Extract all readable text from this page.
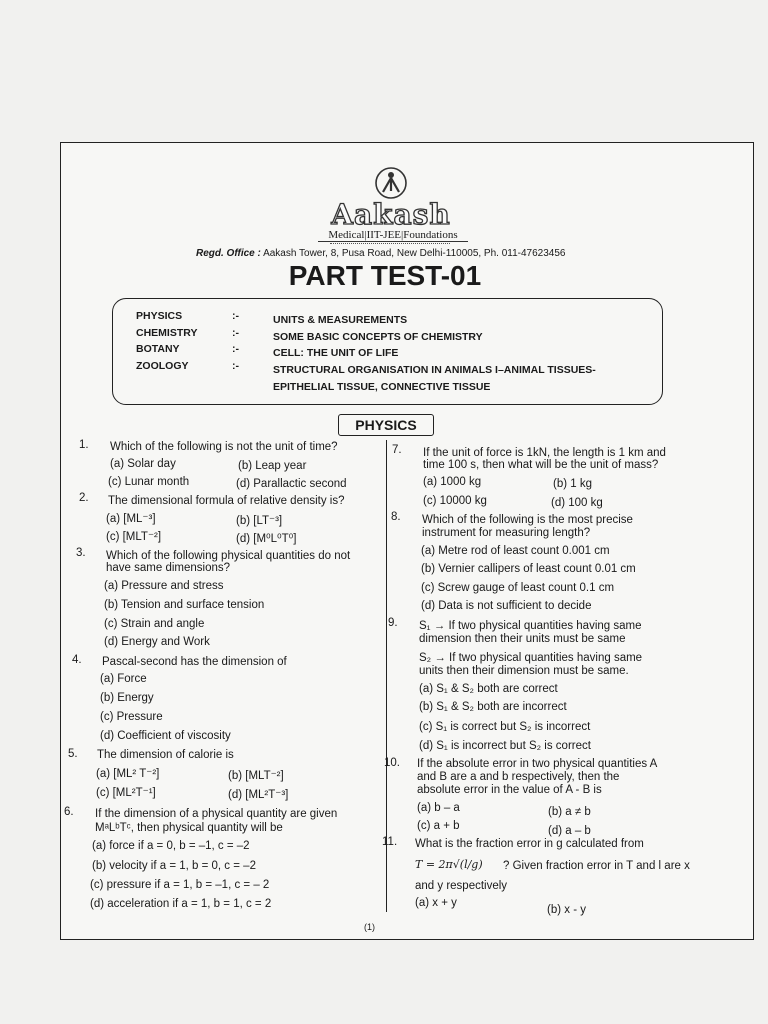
Aakash
Medical|IIT-JEE|Foundations
Regd. Office : Aakash Tower, 8, Pusa Road, New Delhi-110005, Ph. 011-47623456
PART TEST-01
PHYSICS	:-	UNITS & MEASUREMENTS
CHEMISTRY	:-	SOME BASIC CONCEPTS OF CHEMISTRY
BOTANY	:-	CELL: THE UNIT OF LIFE
ZOOLOGY	:-	STRUCTURAL ORGANISATION IN ANIMALS I–ANIMAL TISSUES-
EPITHELIAL TISSUE, CONNECTIVE TISSUE
PHYSICS
1. Which of the following is not the unit of time?
(a) Solar day	(b) Leap year
(c) Lunar month	(d) Parallactic second
2. The dimensional formula of relative density is?
(a) [ML⁻³]	(b) [LT⁻³]
(c) [MLT⁻²]	(d) [M⁰L⁰T⁰]
3. Which of the following physical quantities do not
have same dimensions?
(a) Pressure and stress
(b) Tension and surface tension
(c) Strain and angle
(d) Energy and Work
4. Pascal-second has the dimension of
(a) Force
(b) Energy
(c) Pressure
(d) Coefficient of viscosity
5. The dimension of calorie is
(a) [ML² T⁻²]	(b) [MLT⁻²]
(c) [ML²T⁻¹]	(d) [ML²T⁻³]
6. If the dimension of a physical quantity are given
MᵃLᵇTᶜ, then physical quantity will be
(a) force if a = 0, b = –1, c = –2
(b) velocity if a = 1, b = 0, c = –2
(c) pressure if a = 1, b = –1, c = – 2
(d) acceleration if a = 1, b = 1, c = 2
7. If the unit of force is 1kN, the length is 1 km and
time 100 s, then what will be the unit of mass?
(a) 1000 kg	(b) 1 kg
(c) 10000 kg	(d) 100 kg
8. Which of the following is the most precise
instrument for measuring length?
(a) Metre rod of least count 0.001 cm
(b) Vernier callipers of least count 0.01 cm
(c) Screw gauge of least count 0.1 cm
(d) Data is not sufficient to decide
9. S₁ → If two physical quantities having same
dimension then their units must be same
S₂ → If two physical quantities having same
units then their dimension must be same.
(a) S₁ & S₂ both are correct
(b) S₁ & S₂ both are incorrect
(c) S₁ is correct but S₂ is incorrect
(d) S₁ is incorrect but S₂ is correct
10. If the absolute error in two physical quantities A
and B are a and b respectively, then the
absolute error in the value of A - B is
(a) b – a	(b) a ≠ b
(c) a + b	(d) a – b
11. What is the fraction error in g calculated from
T = 2π√(l/g) ? Given fraction error in T and l are x
and y respectively
(a) x + y
(b) x - y
(1)
